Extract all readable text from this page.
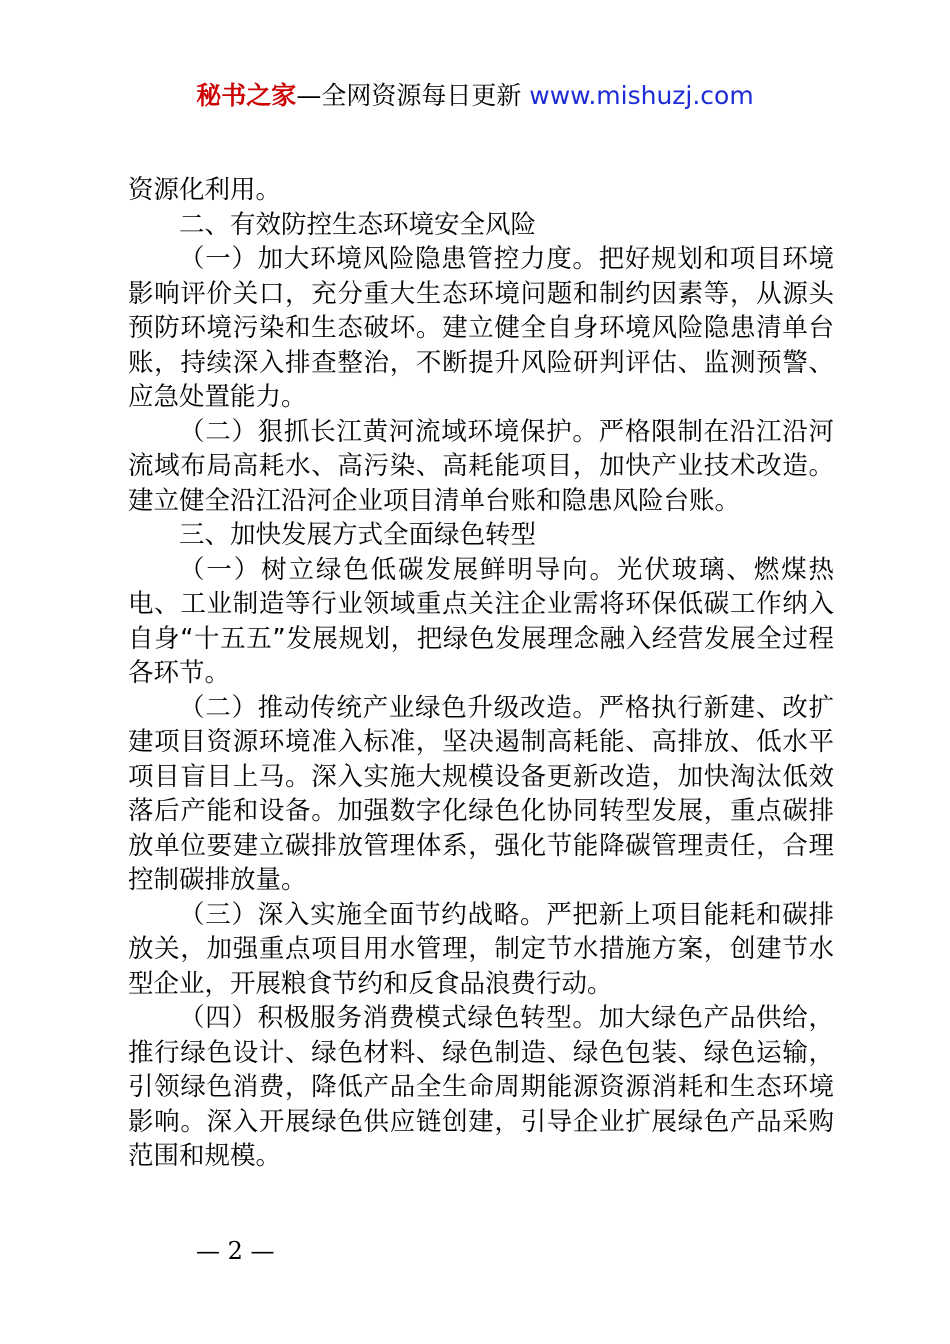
秘书之家—全网资源每日更新 www.mishuzj.com

资源化利用。

二、有效防控生态环境安全风险

（一）加大环境风险隐患管控力度。把好规划和项目环境影响评价关口，充分重大生态环境问题和制约因素等，从源头预防环境污染和生态破坏。建立健全自身环境风险隐患清单台账，持续深入排查整治，不断提升风险研判评估、监测预警、应急处置能力。

（二）狠抓长江黄河流域环境保护。严格限制在沿江沿河流域布局高耗水、高污染、高耗能项目，加快产业技术改造。建立健全沿江沿河企业项目清单台账和隐患风险台账。

三、加快发展方式全面绿色转型

（一）树立绿色低碳发展鲜明导向。光伏玻璃、燃煤热电、工业制造等行业领域重点关注企业需将环保低碳工作纳入自身“十五五”发展规划，把绿色发展理念融入经营发展全过程各环节。

（二）推动传统产业绿色升级改造。严格执行新建、改扩建项目资源环境准入标准，坚决遏制高耗能、高排放、低水平项目盲目上马。深入实施大规模设备更新改造，加快淘汰低效落后产能和设备。加强数字化绿色化协同转型发展，重点碳排放单位要建立碳排放管理体系，强化节能降碳管理责任，合理控制碳排放量。

（三）深入实施全面节约战略。严把新上项目能耗和碳排放关，加强重点项目用水管理，制定节水措施方案，创建节水型企业，开展粮食节约和反食品浪费行动。

（四）积极服务消费模式绿色转型。加大绿色产品供给，推行绿色设计、绿色材料、绿色制造、绿色包装、绿色运输，引领绿色消费，降低产品全生命周期能源资源消耗和生态环境影响。深入开展绿色供应链创建，引导企业扩展绿色产品采购范围和规模。

— 2 —
